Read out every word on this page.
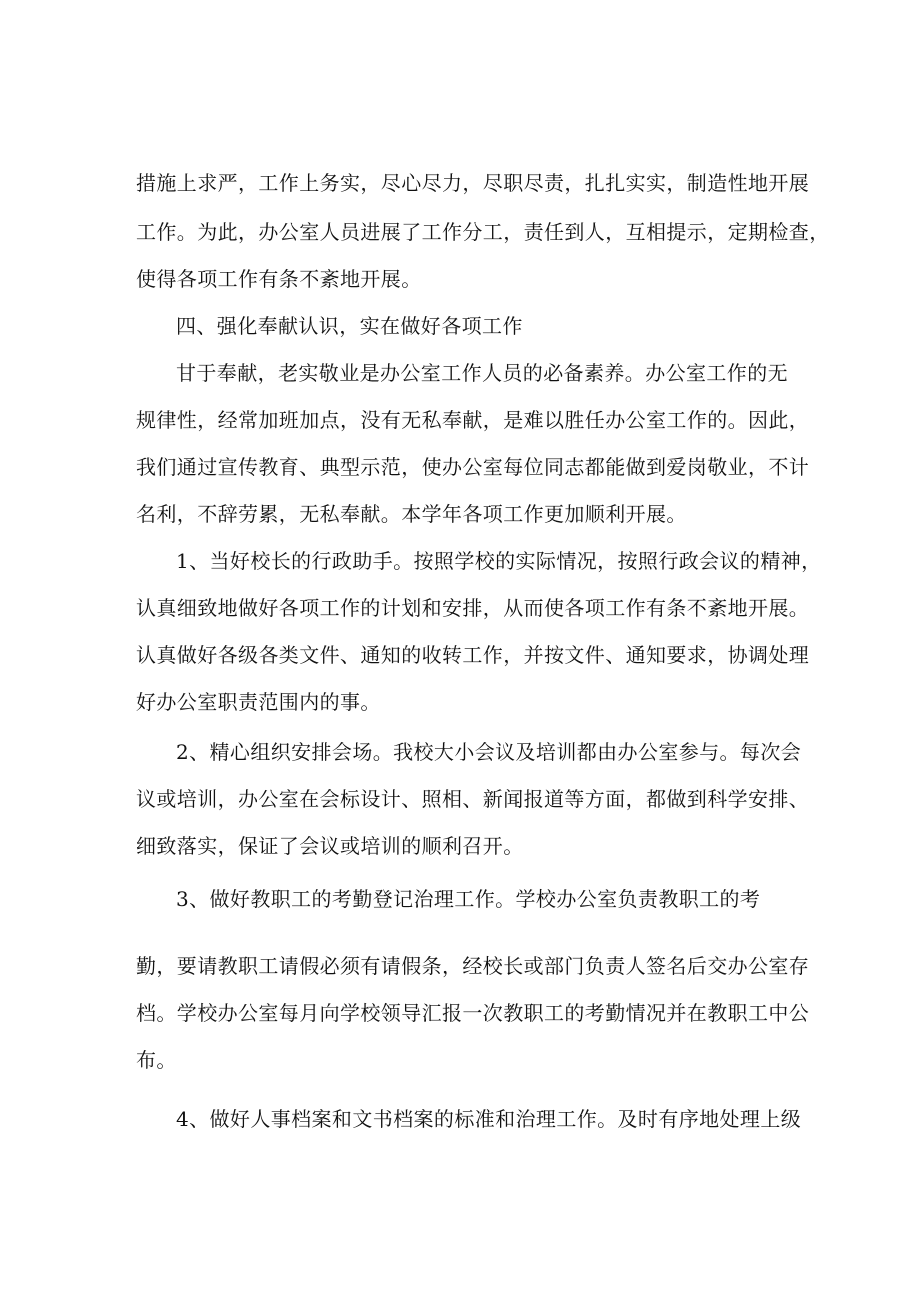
措施上求严，工作上务实，尽心尽力，尽职尽责，扎扎实实，制造性地开展
工作。为此，办公室人员进展了工作分工，责任到人，互相提示，定期检查，
使得各项工作有条不紊地开展。
四、强化奉献认识，实在做好各项工作
甘于奉献，老实敬业是办公室工作人员的必备素养。办公室工作的无
规律性，经常加班加点，没有无私奉献，是难以胜任办公室工作的。因此，
我们通过宣传教育、典型示范，使办公室每位同志都能做到爱岗敬业，不计
名利，不辞劳累，无私奉献。本学年各项工作更加顺利开展。
1、当好校长的行政助手。按照学校的实际情况，按照行政会议的精神，
认真细致地做好各项工作的计划和安排，从而使各项工作有条不紊地开展。
认真做好各级各类文件、通知的收转工作，并按文件、通知要求，协调处理
好办公室职责范围内的事。
2、精心组织安排会场。我校大小会议及培训都由办公室参与。每次会
议或培训，办公室在会标设计、照相、新闻报道等方面，都做到科学安排、
细致落实，保证了会议或培训的顺利召开。
3、做好教职工的考勤登记治理工作。学校办公室负责教职工的考
勤，要请教职工请假必须有请假条，经校长或部门负责人签名后交办公室存
档。学校办公室每月向学校领导汇报一次教职工的考勤情况并在教职工中公
布。
4、做好人事档案和文书档案的标准和治理工作。及时有序地处理上级
